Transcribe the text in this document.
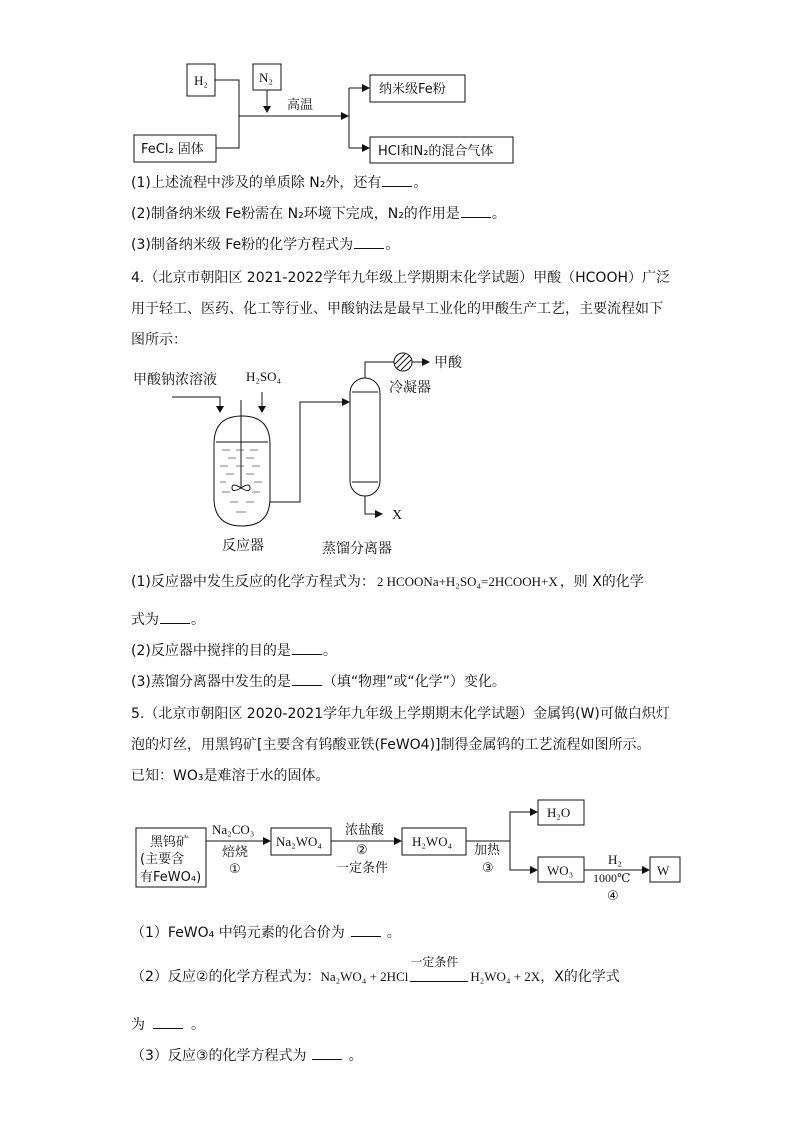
H₂	N₂
FeCl₂ 固体
高温
纳米级Fe粉
HCl和N₂的混合气体
(1)上述流程中涉及的单质除 N₂外，还有 。
(2)制备纳米级 Fe粉需在 N₂环境下完成，N₂的作用是 。
(3)制备纳米级 Fe粉的化学方程式为 。
4.（北京市朝阳区 2021-2022学年九年级上学期期末化学试题）甲酸（HCOOH）广泛
用于轻工、医药、化工等行业、甲酸钠法是最早工业化的甲酸生产工艺，主要流程如下
图所示：
甲酸钠浓溶液 H₂SO₄
甲酸
冷凝器
X
反应器	蒸馏分离器
(1)反应器中发生反应的化学方程式为： 2 HCOONa+H₂SO₄=2HCOOH+X ，则 X的化学
式为 。
(2)反应器中搅拌的目的是 。
(3)蒸馏分离器中发生的是 （填“物理”或“化学”）变化。
5.（北京市朝阳区 2020-2021学年九年级上学期期末化学试题）金属钨(W)可做白炽灯
泡的灯丝，用黑钨矿[主要含有钨酸亚铁(FeWO4)]制得金属钨的工艺流程如图所示。
已知：WO₃是难溶于水的固体。
黑钨矿
(主要含
有FeWO₄)
Na₂CO₃
焙烧
①
Na₂WO₄
浓盐酸
②
一定条件
H₂WO₄
加热
③
H₂O
WO₃
H₂
1000℃
④
W
（1）FeWO₄ 中钨元素的化合价为	。
（2）反应②的化学方程式为：Na₂WO₄ + 2HCl
一定条件
H₂WO₄ + 2X，X的化学式
为	。
（3）反应③的化学方程式为	。
